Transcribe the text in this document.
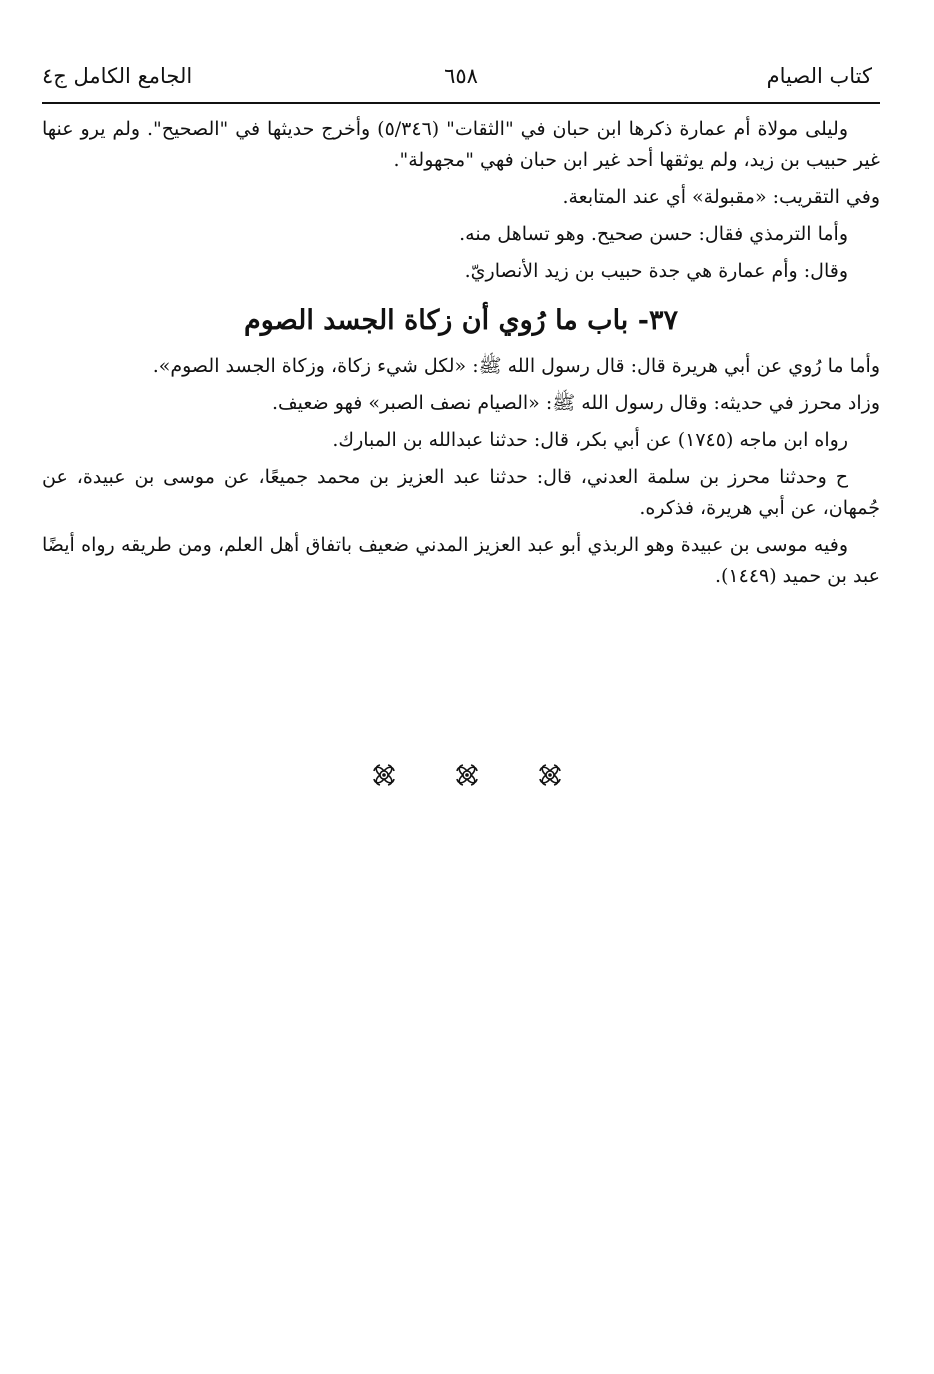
كتاب الصيام
٦٥٨
الجامع الكامل ج٤

وليلى مولاة أم عمارة ذكرها ابن حبان في "الثقات" (٥/٣٤٦) وأخرج حديثها في "الصحيح". ولم يرو عنها غير حبيب بن زيد، ولم يوثقها أحد غير ابن حبان فهي "مجهولة".

وفي التقريب: «مقبولة» أي عند المتابعة.

وأما الترمذي فقال: حسن صحيح. وهو تساهل منه.

وقال: وأم عمارة هي جدة حبيب بن زيد الأنصاريّ.

٣٧- باب ما رُوي أن زكاة الجسد الصوم

وأما ما رُوي عن أبي هريرة قال: قال رسول الله ﷺ: «لكل شيء زكاة، وزكاة الجسد الصوم».

وزاد محرز في حديثه: وقال رسول الله ﷺ: «الصيام نصف الصبر» فهو ضعيف.

رواه ابن ماجه (١٧٤٥) عن أبي بكر، قال: حدثنا عبدالله بن المبارك.

ح وحدثنا محرز بن سلمة العدني، قال: حدثنا عبد العزيز بن محمد جميعًا، عن موسى بن عبيدة، عن جُمهان، عن أبي هريرة، فذكره.

وفيه موسى بن عبيدة وهو الربذي أبو عبد العزيز المدني ضعيف باتفاق أهل العلم، ومن طريقه رواه أيضًا عبد بن حميد (١٤٤٩).
